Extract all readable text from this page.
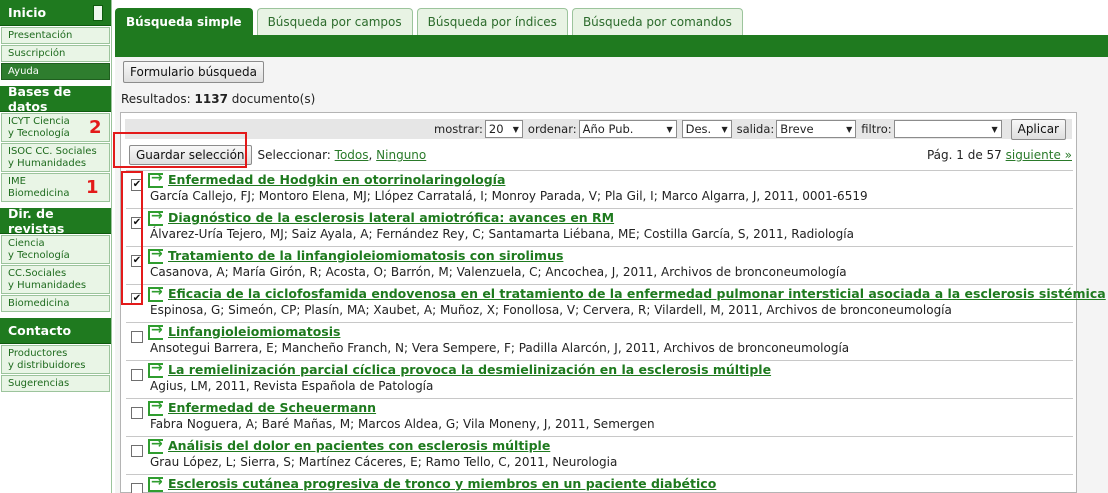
Inicio
Presentación
Suscripción
Ayuda
Bases de datos
ICYT Ciencia
y Tecnología
ISOC CC. Sociales
y Humanidades
IME
Biomedicina
Dir. de revistas
Ciencia
y Tecnología
CC.Sociales
y Humanidades
Biomedicina
Contacto
Productores
y distribuidores
Sugerencias
Búsqueda simple	Búsqueda por campos	Búsqueda por índices	Búsqueda por comandos
Formulario búsqueda
Resultados: 1137 documento(s)
mostrar: 20 ▼ ordenar: Año Pub.	▼ Des. ▼ salida: Breve	▼ filtro:	▼	Aplicar
Guardar selección	Seleccionar:
Todos , Ninguno	Pág. 1 de 57 siguiente »
✔ → Enfermedad de Hodgkin en otorrinolaringología
García Callejo, FJ; Montoro Elena, MJ; Llópez Carratalá, I; Monroy Parada, V; Pla Gil, I; Marco Algarra, J, 2011, 0001-6519
✔ → Diagnóstico de la esclerosis lateral amiotrófica: avances en RM
Álvarez-Uría Tejero, MJ; Saiz Ayala, A; Fernández Rey, C; Santamarta Liébana, ME; Costilla García, S, 2011, Radiología
✔ → Tratamiento de la linfangioleiomiomatosis con sirolimus
Casanova, A; María Girón, R; Acosta, O; Barrón, M; Valenzuela, C; Ancochea, J, 2011, Archivos de bronconeumología
✔ → Eficacia de la ciclofosfamida endovenosa en el tratamiento de la enfermedad pulmonar intersticial asociada a la esclerosis sistémica
Espinosa, G; Simeón, CP; Plasín, MA; Xaubet, A; Muñoz, X; Fonollosa, V; Cervera, R; Vilardell, M, 2011, Archivos de bronconeumología
→
Linfangioleiomiomatosis
Ansotegui Barrera, E; Mancheño Franch, N; Vera Sempere, F; Padilla Alarcón, J, 2011, Archivos de bronconeumología
→
La remielinización parcial cíclica provoca la desmielinización en la esclerosis múltiple
Agius, LM, 2011, Revista Española de Patología
→
Enfermedad de Scheuermann
Fabra Noguera, A; Baré Mañas, M; Marcos Aldea, G; Vila Moneny, J, 2011, Semergen
→
Análisis del dolor en pacientes con esclerosis múltiple
Grau López, L; Sierra, S; Martínez Cáceres, E; Ramo Tello, C, 2011, Neurologia
→
Esclerosis cutánea progresiva de tronco y miembros en un paciente diabético
2
1
